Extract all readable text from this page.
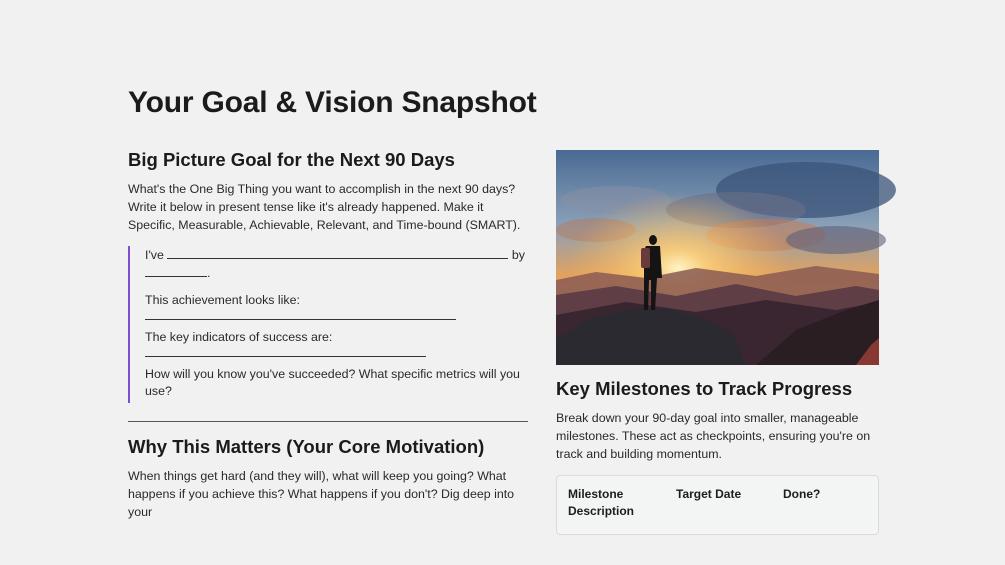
Your Goal & Vision Snapshot
Big Picture Goal for the Next 90 Days

What's the One Big Thing you want to accomplish in the next 90 days? Write it below in present tense like it's already happened. Make it Specific, Measurable, Achievable, Relevant, and Time-bound (SMART).

I've	by
.
This achievement looks like:
The key indicators of success are:
How will you know you've succeeded? What specific metrics will you use?
Why This Matters (Your Core Motivation)

When things get hard (and they will), what will keep you going? What happens if you achieve this? What happens if you don't? Dig deep into your

Key Milestones to Track Progress

Break down your 90-day goal into smaller, manageable milestones. These act as checkpoints, ensuring you're on track and building momentum.

Milestone Description
Target Date	Done?
